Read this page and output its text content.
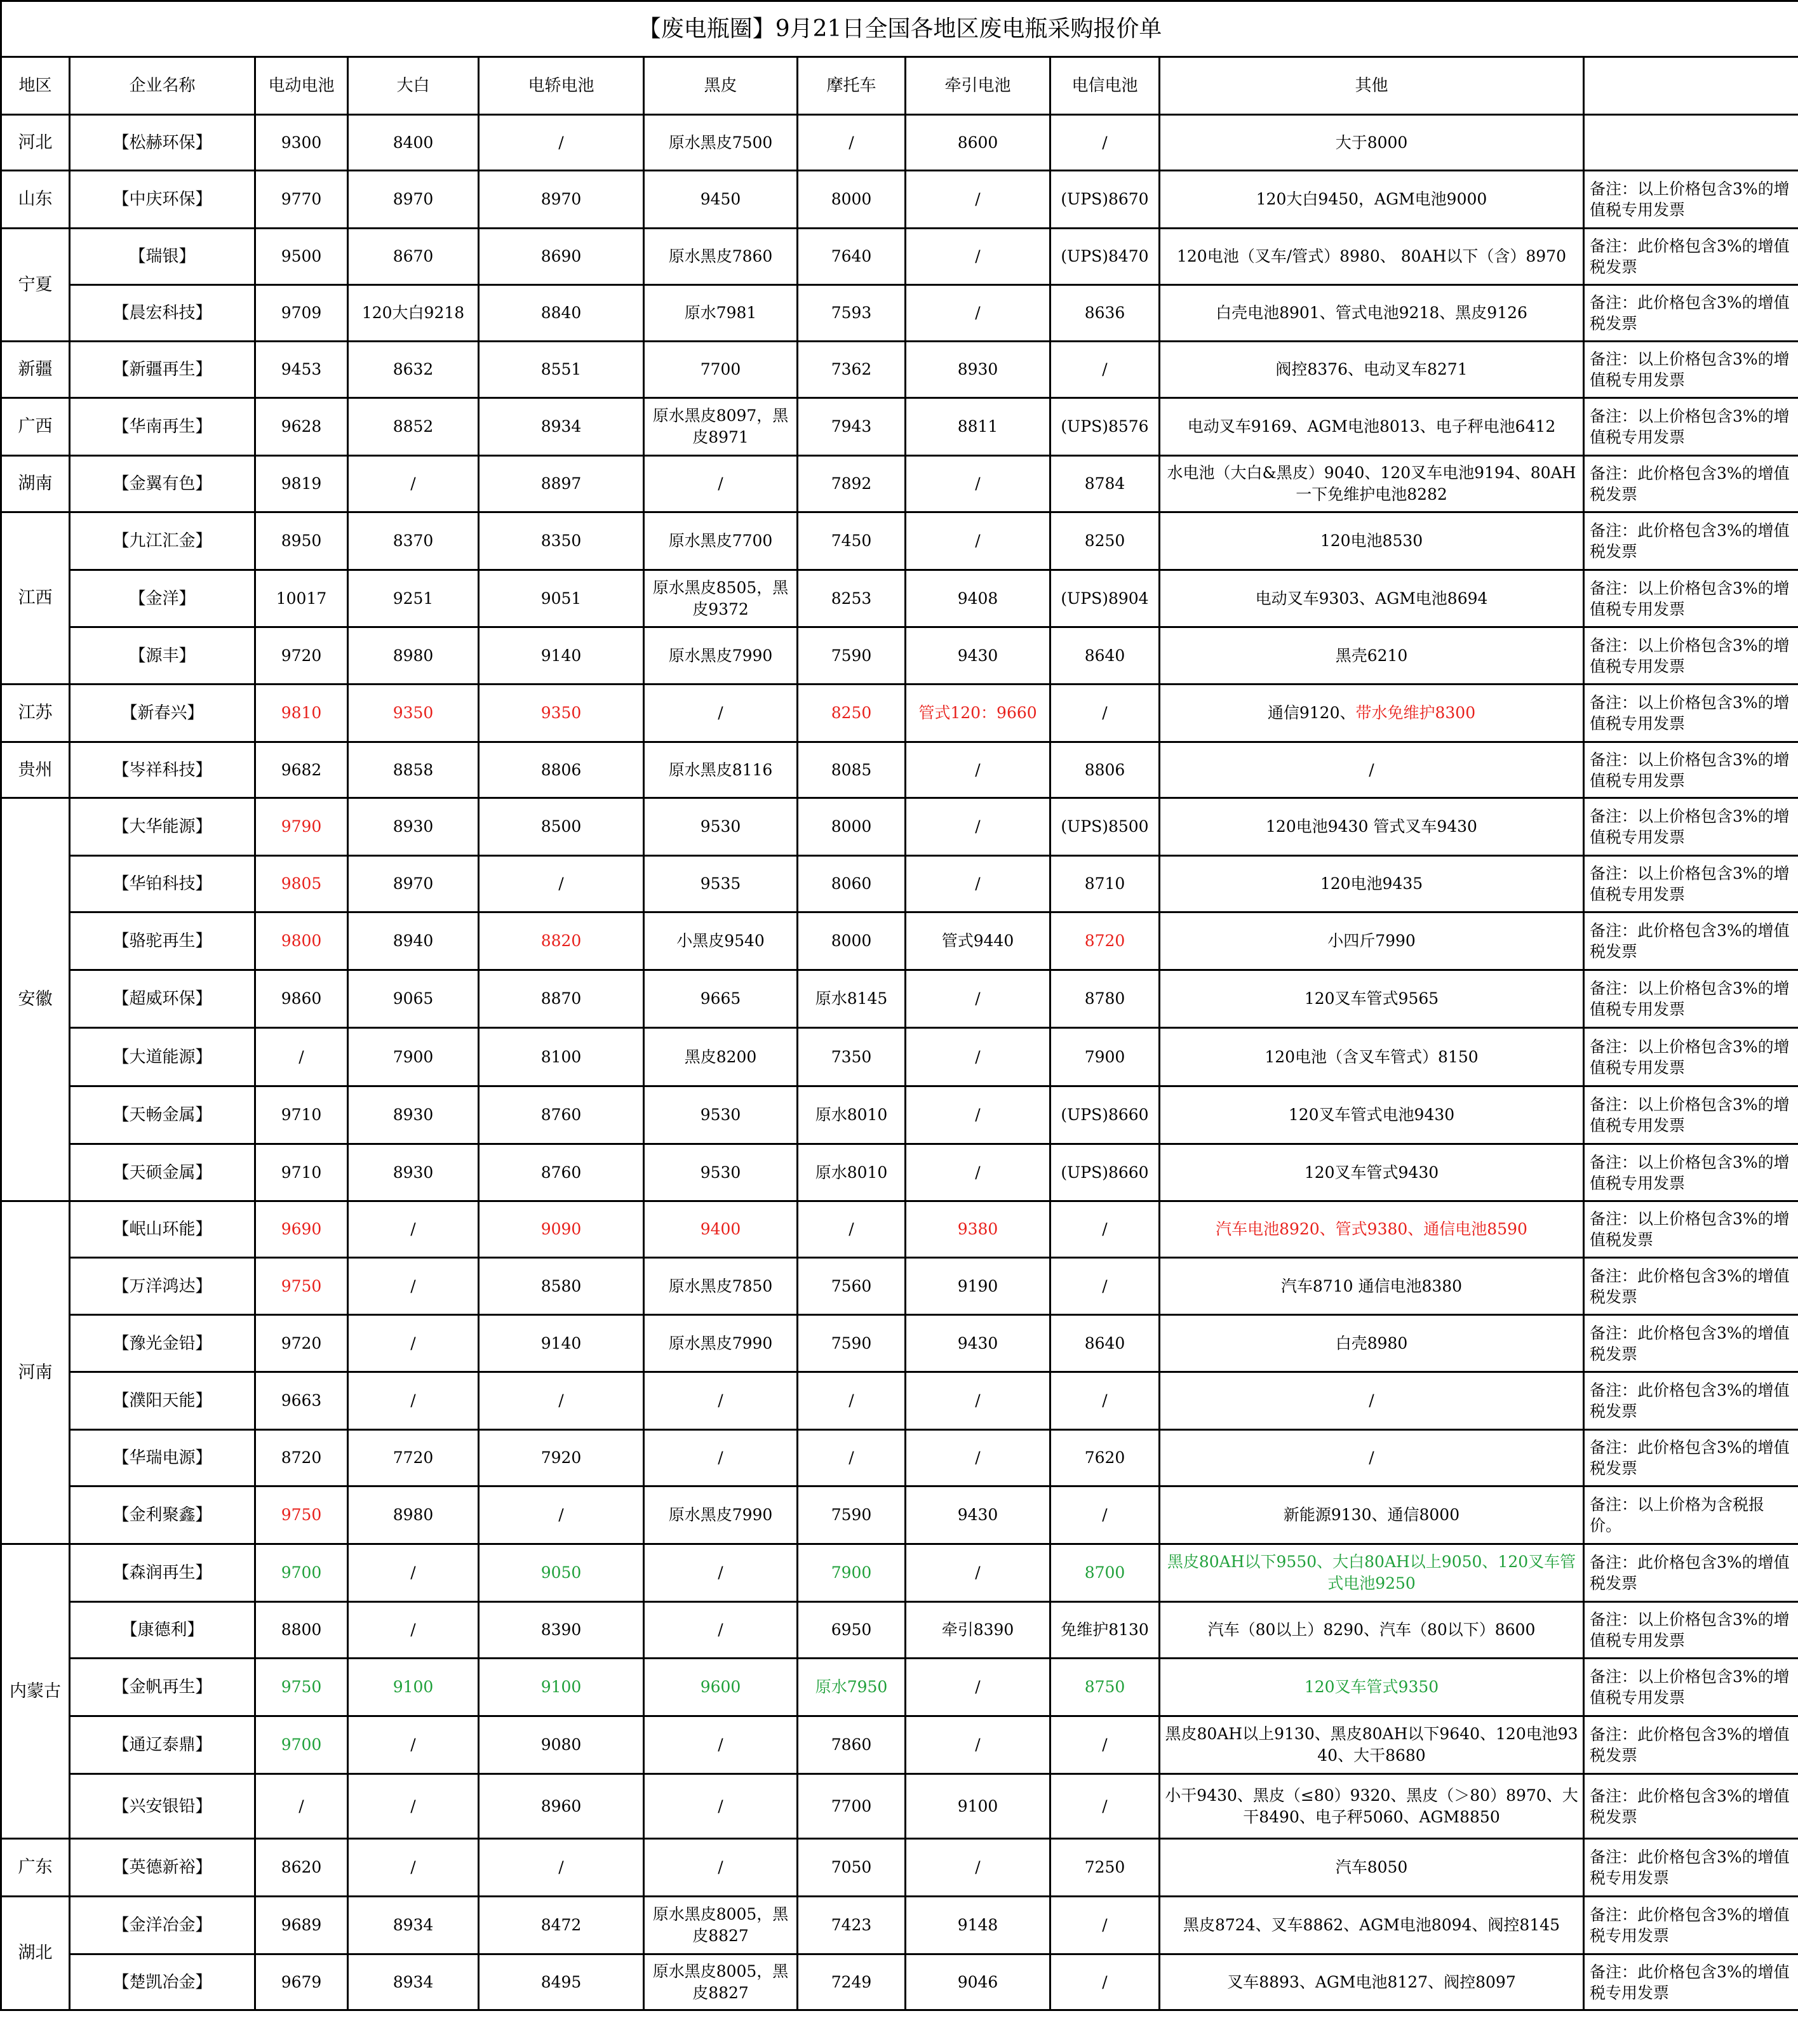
【废电瓶圈】9月21日全国各地区废电瓶采购报价单										
地区	企业名称	电动电池	大白	电轿电池	黑皮	摩托车	牵引电池	电信电池	其他	
河北	【松赫环保】	9300	8400	/	原水黑皮7500	/	8600	/	大于8000	
山东	【中庆环保】	9770	8970	8970	9450	8000	/	(UPS)8670	120大白9450，AGM电池9000	备注：以上价格包含3%的增值税专用发票
宁夏	【瑞银】	9500	8670	8690	原水黑皮7860	7640	/	(UPS)8470	120电池（叉车/管式）8980、 80AH以下（含）8970	备注：此价格包含3%的增值税发票
	【晨宏科技】	9709	120大白9218	8840	原水7981	7593	/	8636	白壳电池8901、管式电池9218、黑皮9126	备注：此价格包含3%的增值税发票
新疆	【新疆再生】	9453	8632	8551	7700	7362	8930	/	阀控8376、电动叉车8271	备注：以上价格包含3%的增值税专用发票
广西	【华南再生】	9628	8852	8934	原水黑皮8097，黑皮8971	7943	8811	(UPS)8576	电动叉车9169、AGM电池8013、电子秤电池6412	备注：以上价格包含3%的增值税专用发票
湖南	【金翼有色】	9819	/	8897	/	7892	/	8784	水电池（大白&黑皮）9040、120叉车电池9194、80AH一下免维护电池8282	备注：此价格包含3%的增值税发票
江西	【九江汇金】	8950	8370	8350	原水黑皮7700	7450	/	8250	120电池8530	备注：此价格包含3%的增值税发票
	【金洋】	10017	9251	9051	原水黑皮8505，黑皮9372	8253	9408	(UPS)8904	电动叉车9303、AGM电池8694	备注：以上价格包含3%的增值税专用发票
	【源丰】	9720	8980	9140	原水黑皮7990	7590	9430	8640	黑壳6210	备注：以上价格包含3%的增值税专用发票
江苏	【新春兴】	9810	9350	9350	/	8250	管式120：9660	/	通信9120、带水免维护8300	备注：以上价格包含3%的增值税专用发票
贵州	【岑祥科技】	9682	8858	8806	原水黑皮8116	8085	/	8806	/	备注：以上价格包含3%的增值税专用发票
安徽	【大华能源】	9790	8930	8500	9530	8000	/	(UPS)8500	120电池9430 管式叉车9430	备注：以上价格包含3%的增值税专用发票
	【华铂科技】	9805	8970	/	9535	8060	/	8710	120电池9435	备注：以上价格包含3%的增值税专用发票
	【骆驼再生】	9800	8940	8820	小黑皮9540	8000	管式9440	8720	小四斤7990	备注：此价格包含3%的增值税发票
	【超威环保】	9860	9065	8870	9665	原水8145	/	8780	120叉车管式9565	备注：以上价格包含3%的增值税专用发票
	【大道能源】	/	7900	8100	黑皮8200	7350	/	7900	120电池（含叉车管式）8150	备注：以上价格包含3%的增值税专用发票
	【天畅金属】	9710	8930	8760	9530	原水8010	/	(UPS)8660	120叉车管式电池9430	备注：以上价格包含3%的增值税专用发票
	【天硕金属】	9710	8930	8760	9530	原水8010	/	(UPS)8660	120叉车管式9430	备注：以上价格包含3%的增值税专用发票
河南	【岷山环能】	9690	/	9090	9400	/	9380	/	汽车电池8920、管式9380、通信电池8590	备注：以上价格包含3%的增值税发票
	【万洋鸿达】	9750	/	8580	原水黑皮7850	7560	9190	/	汽车8710 通信电池8380	备注：此价格包含3%的增值税发票
	【豫光金铅】	9720	/	9140	原水黑皮7990	7590	9430	8640	白壳8980	备注：此价格包含3%的增值税发票
	【濮阳天能】	9663	/	/	/	/	/	/	/	备注：此价格包含3%的增值税发票
	【华瑞电源】	8720	7720	7920	/	/	/	7620	/	备注：此价格包含3%的增值税发票
	【金利聚鑫】	9750	8980	/	原水黑皮7990	7590	9430	/	新能源9130、通信8000	备注：以上价格为含税报价。
内蒙古	【森润再生】	9700	/	9050	/	7900	/	8700	黑皮80AH以下9550、大白80AH以上9050、120叉车管式电池9250	备注：此价格包含3%的增值税发票
	【康德利】	8800	/	8390	/	6950	牵引8390	免维护8130	汽车（80以上）8290、汽车（80以下）8600	备注：以上价格包含3%的增值税专用发票
	【金帆再生】	9750	9100	9100	9600	原水7950	/	8750	120叉车管式9350	备注：以上价格包含3%的增值税专用发票
	【通辽泰鼎】	9700	/	9080	/	7860	/	/	黑皮80AH以上9130、黑皮80AH以下9640、120电池9340、大干8680	备注：此价格包含3%的增值税发票
	【兴安银铅】	/	/	8960	/	7700	9100	/	小干9430、黑皮（≤80）9320、黑皮（＞80）8970、大干8490、电子秤5060、AGM8850	备注：此价格包含3%的增值税发票
广东	【英德新裕】	8620	/	/	/	7050	/	7250	汽车8050	备注：此价格包含3%的增值税专用发票
湖北	【金洋冶金】	9689	8934	8472	原水黑皮8005，黑皮8827	7423	9148	/	黑皮8724、叉车8862、AGM电池8094、阀控8145	备注：此价格包含3%的增值税专用发票
	【楚凯冶金】	9679	8934	8495	原水黑皮8005，黑皮8827	7249	9046	/	叉车8893、AGM电池8127、阀控8097	备注：此价格包含3%的增值税专用发票
